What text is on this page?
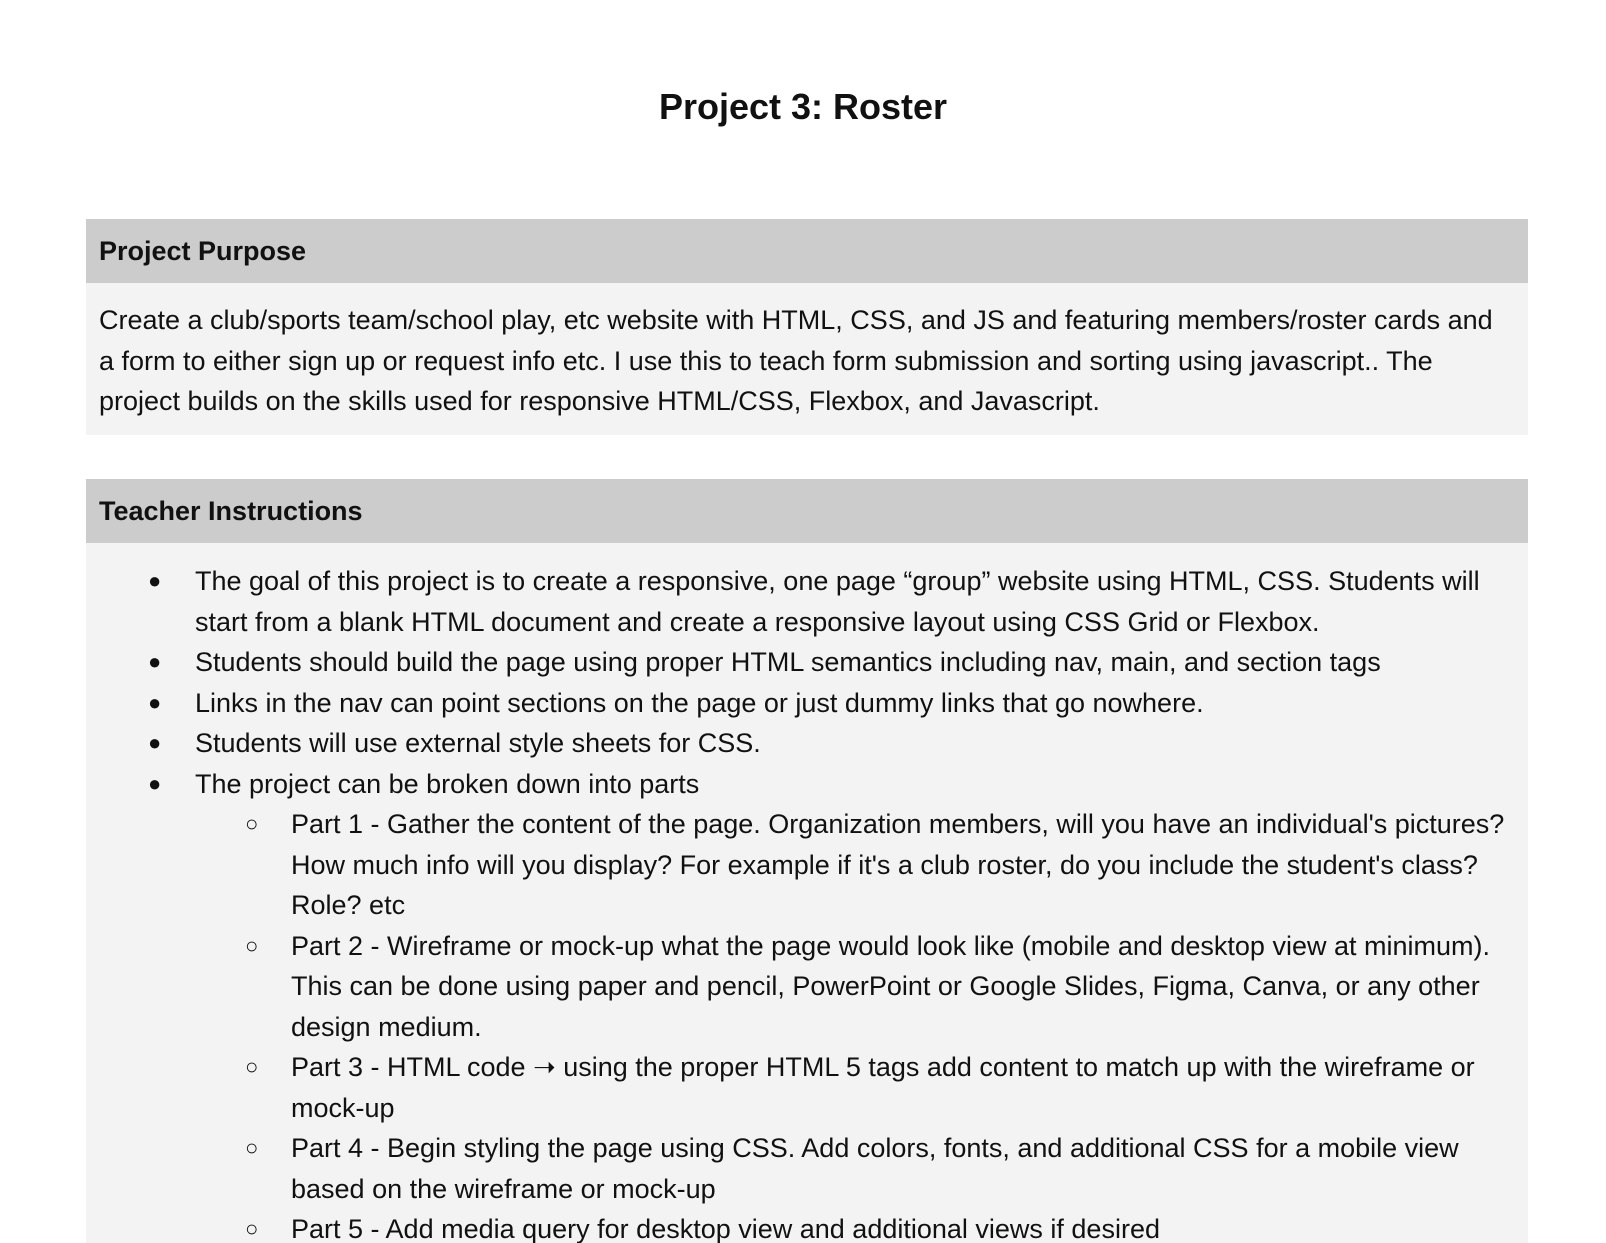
Project 3: Roster
Project Purpose
Create a club/sports team/school play, etc website with HTML, CSS, and JS and featuring members/roster cards and a form to either sign up or request info etc. I use this to teach form submission and sorting using javascript.. The project builds on the skills used for responsive HTML/CSS, Flexbox, and Javascript.
Teacher Instructions
● The goal of this project is to create a responsive, one page “group” website using HTML, CSS. Students will start from a blank HTML document and create a responsive layout using CSS Grid or Flexbox.
● Students should build the page using proper HTML semantics including nav, main, and section tags
● Links in the nav can point sections on the page or just dummy links that go nowhere.
● Students will use external style sheets for CSS.
● The project can be broken down into parts
○ Part 1 - Gather the content of the page. Organization members, will you have an individual's pictures? How much info will you display? For example if it's a club roster, do you include the student's class? Role? etc
○ Part 2 - Wireframe or mock-up what the page would look like (mobile and desktop view at minimum). This can be done using paper and pencil, PowerPoint or Google Slides, Figma, Canva, or any other design medium.
○ Part 3 - HTML code ➝ using the proper HTML 5 tags add content to match up with the wireframe or mock-up
○ Part 4 - Begin styling the page using CSS. Add colors, fonts, and additional CSS for a mobile view based on the wireframe or mock-up
○ Part 5 - Add media query for desktop view and additional views if desired
